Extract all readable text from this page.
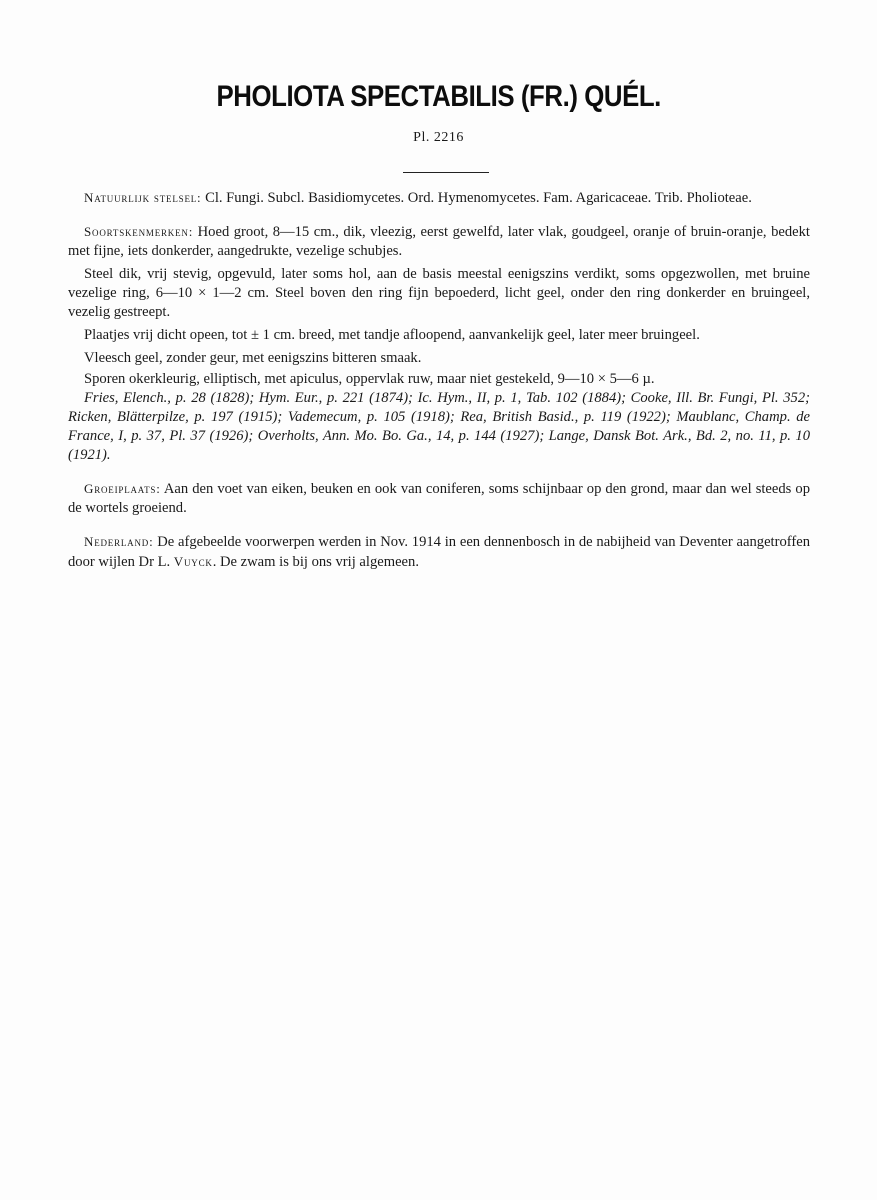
PHOLIOTA SPECTABILIS (FR.) QUÉL.
Pl. 2216

Natuurlijk stelsel: Cl. Fungi. Subcl. Basidiomycetes. Ord. Hymenomycetes. Fam. Agaricaceae. Trib. Pholioteae.

Soortskenmerken: Hoed groot, 8—15 cm., dik, vleezig, eerst gewelfd, later vlak, goudgeel, oranje of bruin-oranje, bedekt met fijne, iets donkerder, aangedrukte, vezelige schubjes.

Steel dik, vrij stevig, opgevuld, later soms hol, aan de basis meestal eenigszins verdikt, soms opgezwollen, met bruine vezelige ring, 6—10 × 1—2 cm. Steel boven den ring fijn bepoederd, licht geel, onder den ring donkerder en bruingeel, vezelig gestreept.

Plaatjes vrij dicht opeen, tot ± 1 cm. breed, met tandje afloopend, aanvankelijk geel, later meer bruingeel.

Vleesch geel, zonder geur, met eenigszins bitteren smaak.

Sporen okerkleurig, elliptisch, met apiculus, oppervlak ruw, maar niet gestekeld, 9—10 × 5—6 µ.

Fries, Elench., p. 28 (1828); Hym. Eur., p. 221 (1874); Ic. Hym., II, p. 1, Tab. 102 (1884); Cooke, Ill. Br. Fungi, Pl. 352; Ricken, Blätterpilze, p. 197 (1915); Vademecum, p. 105 (1918); Rea, British Basid., p. 119 (1922); Maublanc, Champ. de France, I, p. 37, Pl. 37 (1926); Overholts, Ann. Mo. Bo. Ga., 14, p. 144 (1927); Lange, Dansk Bot. Ark., Bd. 2, no. 11, p. 10 (1921).

Groeiplaats: Aan den voet van eiken, beuken en ook van coniferen, soms schijnbaar op den grond, maar dan wel steeds op de wortels groeiend.

Nederland: De afgebeelde voorwerpen werden in Nov. 1914 in een dennenbosch in de nabijheid van Deventer aangetroffen door wijlen Dr L. Vuyck. De zwam is bij ons vrij algemeen.
